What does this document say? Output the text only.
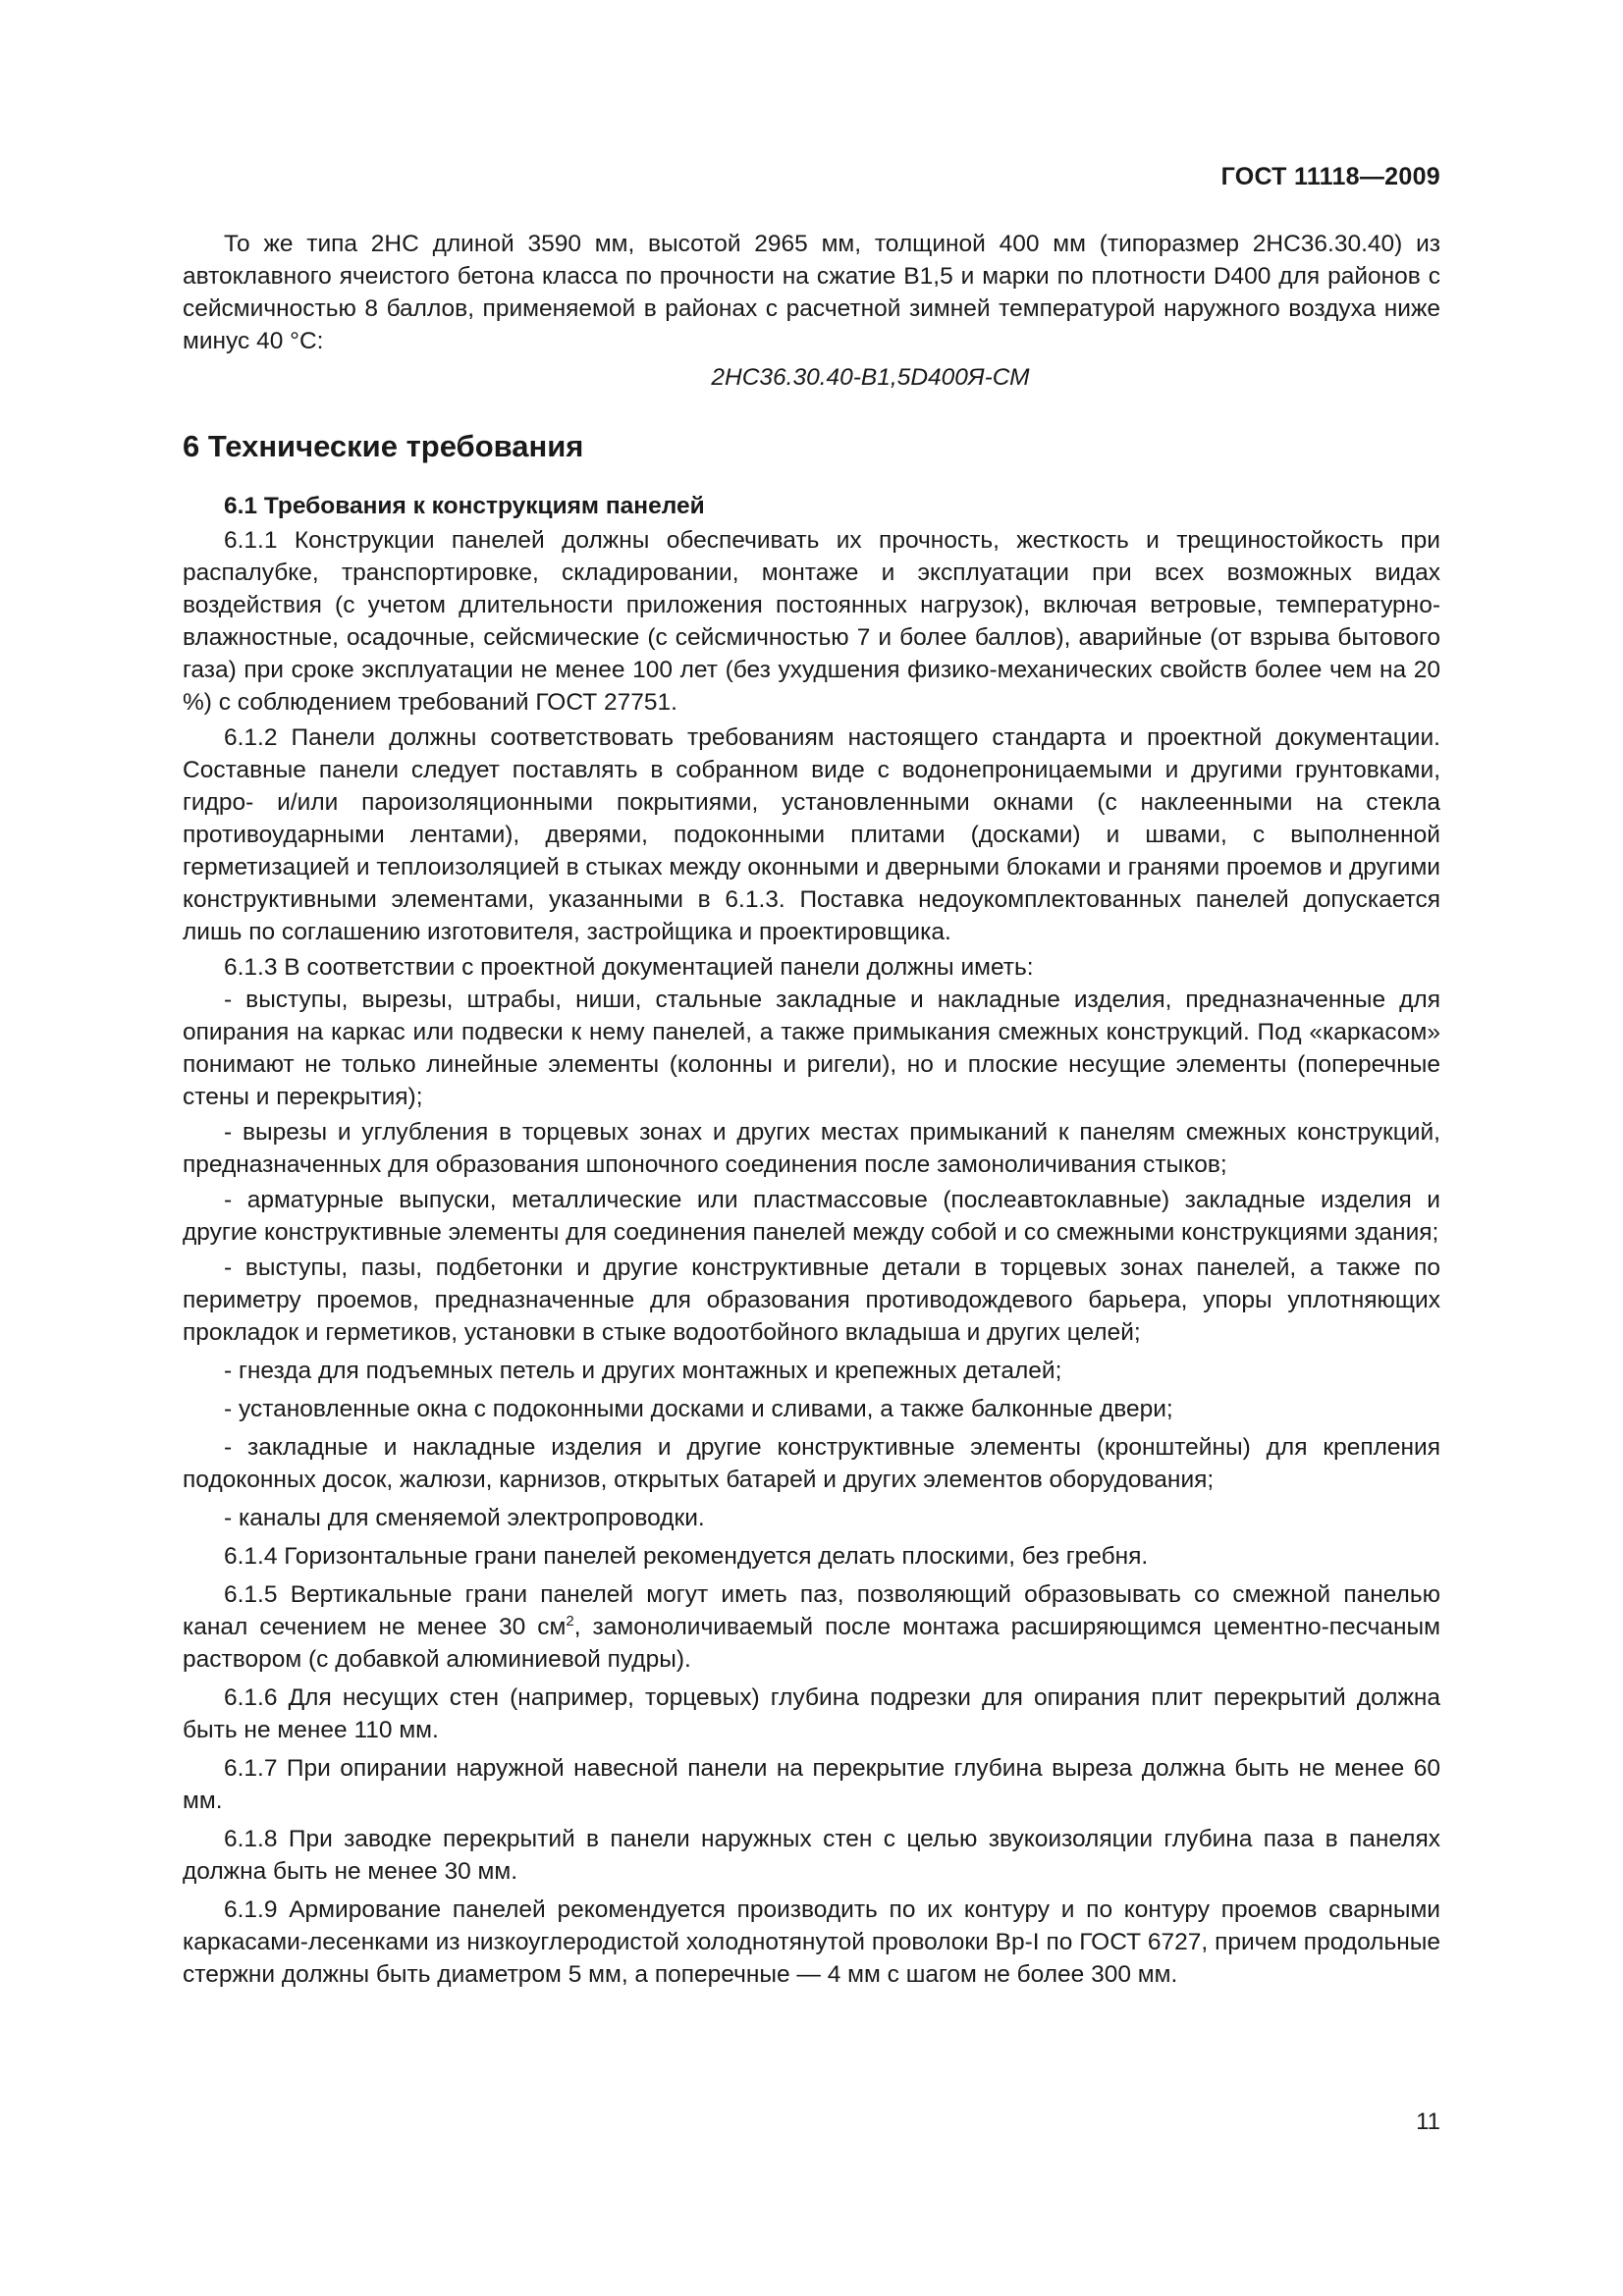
ГОСТ 11118—2009

То же типа 2НС длиной 3590 мм, высотой 2965 мм, толщиной 400 мм (типоразмер 2НС36.30.40) из автоклавного ячеистого бетона класса по прочности на сжатие В1,5 и марки по плотности D400 для районов с сейсмичностью 8 баллов, применяемой в районах с расчетной зимней температурой наружного воздуха ниже минус 40 °С:

2НС36.30.40-В1,5D400Я-СМ

6 Технические требования
6.1 Требования к конструкциям панелей

6.1.1 Конструкции панелей должны обеспечивать их прочность, жесткость и трещиностойкость при распалубке, транспортировке, складировании, монтаже и эксплуатации при всех возможных видах воздействия (с учетом длительности приложения постоянных нагрузок), включая ветровые, температурно-влажностные, осадочные, сейсмические (с сейсмичностью 7 и более баллов), аварийные (от взрыва бытового газа) при сроке эксплуатации не менее 100 лет (без ухудшения физико-механических свойств более чем на 20 %) с соблюдением требований ГОСТ 27751.

6.1.2 Панели должны соответствовать требованиям настоящего стандарта и проектной документации. Составные панели следует поставлять в собранном виде с водонепроницаемыми и другими грунтовками, гидро- и/или пароизоляционными покрытиями, установленными окнами (с наклеенными на стекла противоударными лентами), дверями, подоконными плитами (досками) и швами, с выполненной герметизацией и теплоизоляцией в стыках между оконными и дверными блоками и гранями проемов и другими конструктивными элементами, указанными в 6.1.3. Поставка недоукомплектованных панелей допускается лишь по соглашению изготовителя, застройщика и проектировщика.

6.1.3 В соответствии с проектной документацией панели должны иметь:

- выступы, вырезы, штрабы, ниши, стальные закладные и накладные изделия, предназначенные для опирания на каркас или подвески к нему панелей, а также примыкания смежных конструкций. Под «каркасом» понимают не только линейные элементы (колонны и ригели), но и плоские несущие элементы (поперечные стены и перекрытия);

- вырезы и углубления в торцевых зонах и других местах примыканий к панелям смежных конструкций, предназначенных для образования шпоночного соединения после замоноличивания стыков;

- арматурные выпуски, металлические или пластмассовые (послеавтоклавные) закладные изделия и другие конструктивные элементы для соединения панелей между собой и со смежными конструкциями здания;

- выступы, пазы, подбетонки и другие конструктивные детали в торцевых зонах панелей, а также по периметру проемов, предназначенные для образования противодождевого барьера, упоры уплотняющих прокладок и герметиков, установки в стыке водоотбойного вкладыша и других целей;

- гнезда для подъемных петель и других монтажных и крепежных деталей;

- установленные окна с подоконными досками и сливами, а также балконные двери;

- закладные и накладные изделия и другие конструктивные элементы (кронштейны) для крепления подоконных досок, жалюзи, карнизов, открытых батарей и других элементов оборудования;

- каналы для сменяемой электропроводки.

6.1.4 Горизонтальные грани панелей рекомендуется делать плоскими, без гребня.

6.1.5 Вертикальные грани панелей могут иметь паз, позволяющий образовывать со смежной панелью канал сечением не менее 30 $см^2$, замоноличиваемый после монтажа расширяющимся цементно-песчаным раствором (с добавкой алюминиевой пудры).

6.1.6 Для несущих стен (например, торцевых) глубина подрезки для опирания плит перекрытий должна быть не менее 110 мм.

6.1.7 При опирании наружной навесной панели на перекрытие глубина выреза должна быть не менее 60 мм.

6.1.8 При заводке перекрытий в панели наружных стен с целью звукоизоляции глубина паза в панелях должна быть не менее 30 мм.

6.1.9 Армирование панелей рекомендуется производить по их контуру и по контуру проемов сварными каркасами-лесенками из низкоуглеродистой холоднотянутой проволоки Вр-I по ГОСТ 6727, причем продольные стержни должны быть диаметром 5 мм, а поперечные — 4 мм с шагом не более 300 мм.

11
